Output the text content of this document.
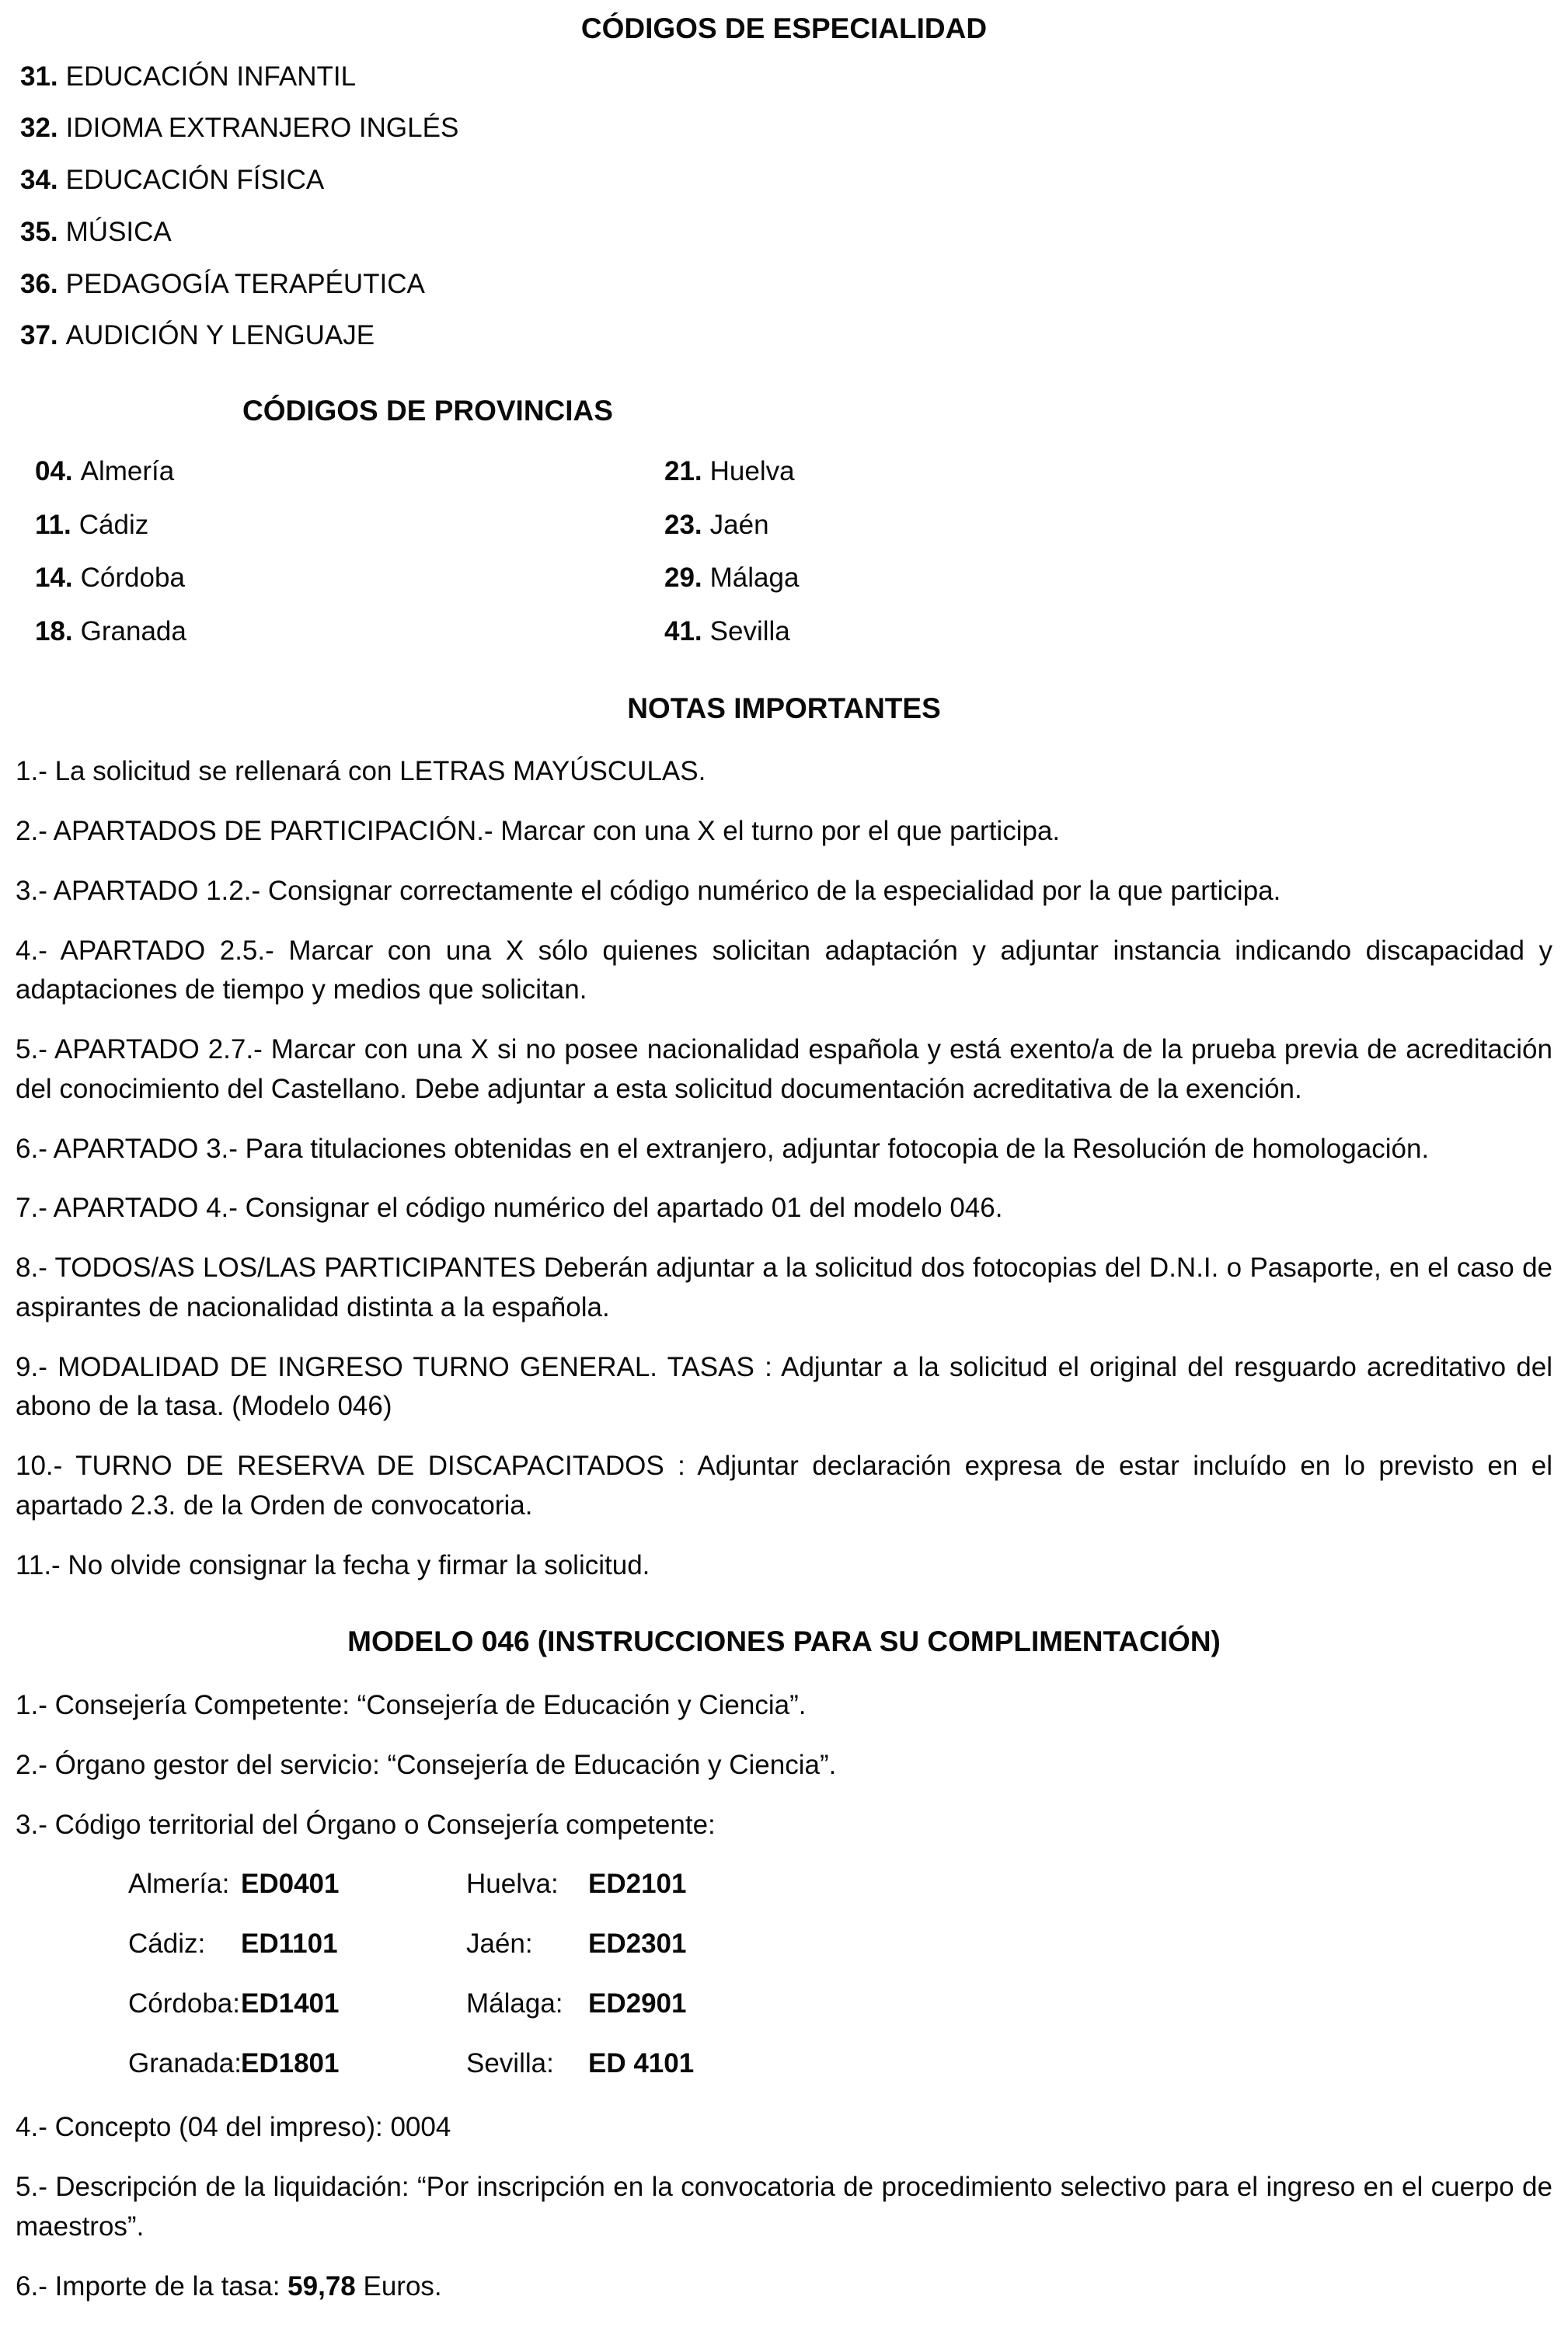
CÓDIGOS DE ESPECIALIDAD
31. EDUCACIÓN INFANTIL
32. IDIOMA EXTRANJERO INGLÉS
34. EDUCACIÓN FÍSICA
35. MÚSICA
36. PEDAGOGÍA TERAPÉUTICA
37. AUDICIÓN Y LENGUAJE
CÓDIGOS DE PROVINCIAS
04. Almería	21. Huelva
11. Cádiz	23. Jaén
14. Córdoba	29. Málaga
18. Granada	41. Sevilla
NOTAS IMPORTANTES

1.- La solicitud se rellenará con LETRAS MAYÚSCULAS.

2.- APARTADOS DE PARTICIPACIÓN.- Marcar con una X el turno por el que participa.

3.- APARTADO 1.2.- Consignar correctamente el código numérico de la especialidad por la que participa.

4.- APARTADO 2.5.- Marcar con una X sólo quienes solicitan adaptación y adjuntar instancia indicando discapacidad y adaptaciones de tiempo y medios que solicitan.

5.- APARTADO 2.7.- Marcar con una X si no posee nacionalidad española y está exento/a de la prueba previa de acreditación del conocimiento del Castellano. Debe adjuntar a esta solicitud documentación acreditativa de la exención.

6.- APARTADO 3.- Para titulaciones obtenidas en el extranjero, adjuntar fotocopia de la Resolución de homologación.

7.- APARTADO 4.- Consignar el código numérico del apartado 01 del modelo 046.

8.- TODOS/AS LOS/LAS PARTICIPANTES Deberán adjuntar a la solicitud dos fotocopias del D.N.I. o Pasaporte, en el caso de aspirantes de nacionalidad distinta a la española.

9.- MODALIDAD DE INGRESO TURNO GENERAL. TASAS : Adjuntar a la solicitud el original del resguardo acreditativo del abono de la tasa. (Modelo 046)

10.- TURNO DE RESERVA DE DISCAPACITADOS : Adjuntar declaración expresa de estar incluído en lo previsto en el apartado 2.3. de la Orden de convocatoria.

11.- No olvide consignar la fecha y firmar la solicitud.

MODELO 046 (INSTRUCCIONES PARA SU COMPLIMENTACIÓN)

1.- Consejería Competente: “Consejería de Educación y Ciencia”.

2.- Órgano gestor del servicio: “Consejería de Educación y Ciencia”.

3.- Código territorial del Órgano o Consejería competente:

Almería: ED0401	Huelva:	ED2101
Cádiz:	ED1101	Jaén:	ED2301
Córdoba: ED1401	Málaga: ED2901
Granada: ED1801	Sevilla:	ED 4101

4.- Concepto (04 del impreso): 0004

5.- Descripción de la liquidación: “Por inscripción en la convocatoria de procedimiento selectivo para el ingreso en el cuerpo de maestros”.

6.- Importe de la tasa: 59,78 Euros.
